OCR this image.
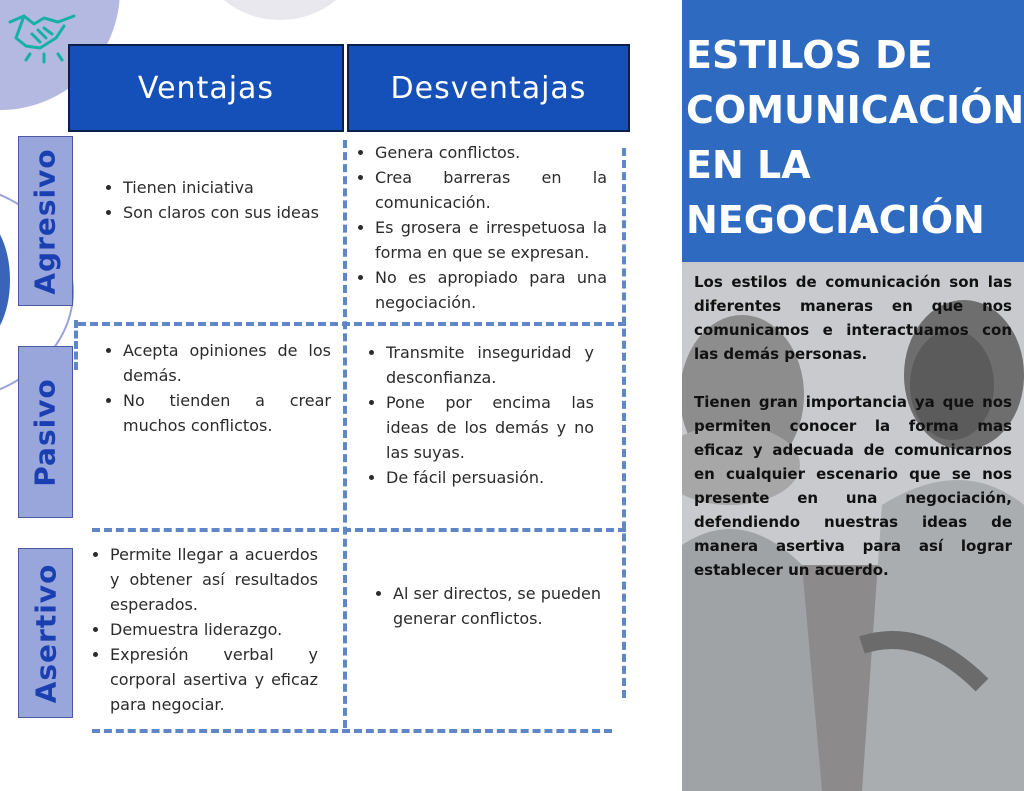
Ventajas	Desventajas
Agresivo
Pasivo
Asertivo
• Tienen iniciativa
• Son claros con sus ideas
• Genera conflictos.
• Crea barreras en la comunicación.
• Es grosera e irrespetuosa la forma en que se expresan.
• No es apropiado para una negociación.
• Acepta opiniones de los demás.
• No tienden a crear muchos conflictos.
• Transmite inseguridad y desconfianza.
• Pone por encima las ideas de los demás y no las suyas.
• De fácil persuasión.
• Permite llegar a acuerdos y obtener así resultados esperados.
• Demuestra liderazgo.
• Expresión verbal y corporal asertiva y eficaz para negociar.
• Al ser directos, se pueden generar conflictos.
ESTILOS DE
COMUNICACIÓN
EN LA
NEGOCIACIÓN

Los estilos de comunicación son las diferentes maneras en que nos comunicamos e interactuamos con las demás personas.

Tienen gran importancia ya que nos permiten conocer la forma mas eficaz y adecuada de comunicarnos en cualquier escenario que se nos presente en una negociación, defendiendo nuestras ideas de manera asertiva para así lograr establecer un acuerdo.
